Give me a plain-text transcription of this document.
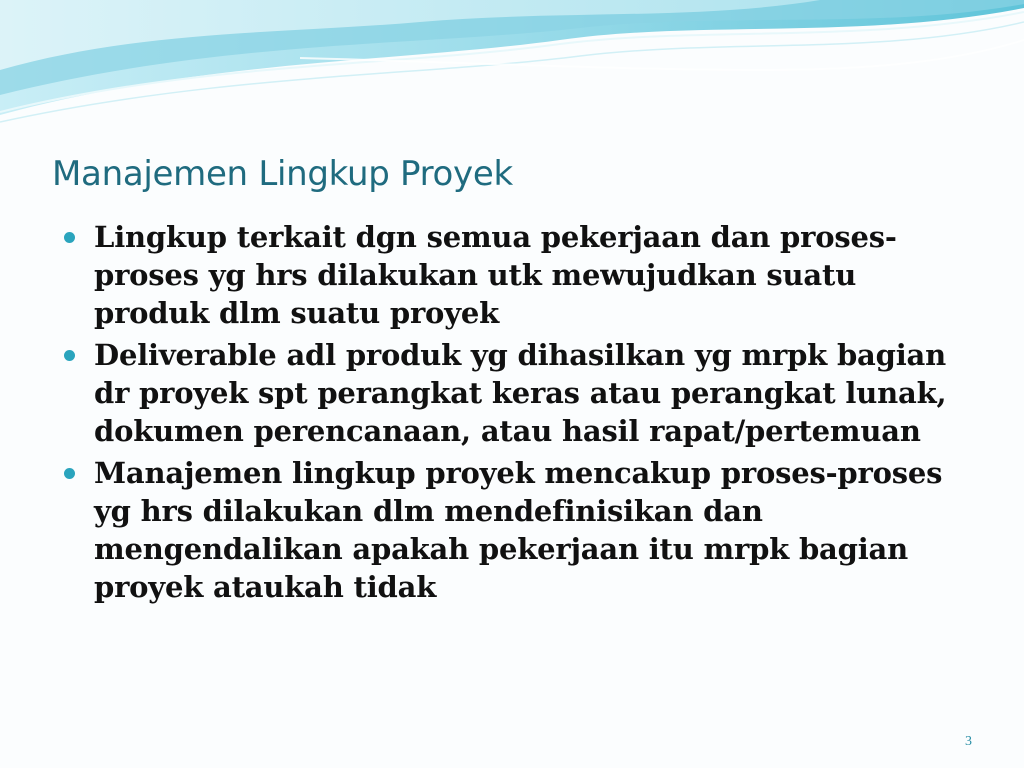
Manajemen Lingkup Proyek
Lingkup terkait dgn semua pekerjaan dan proses-proses yg hrs dilakukan utk mewujudkan suatu produk dlm suatu proyek
Deliverable adl produk yg dihasilkan yg mrpk bagian dr proyek spt perangkat keras atau perangkat lunak, dokumen perencanaan, atau hasil rapat/pertemuan
Manajemen lingkup proyek mencakup proses-proses yg hrs dilakukan dlm mendefinisikan dan mengendalikan apakah pekerjaan itu mrpk bagian proyek ataukah tidak
3
